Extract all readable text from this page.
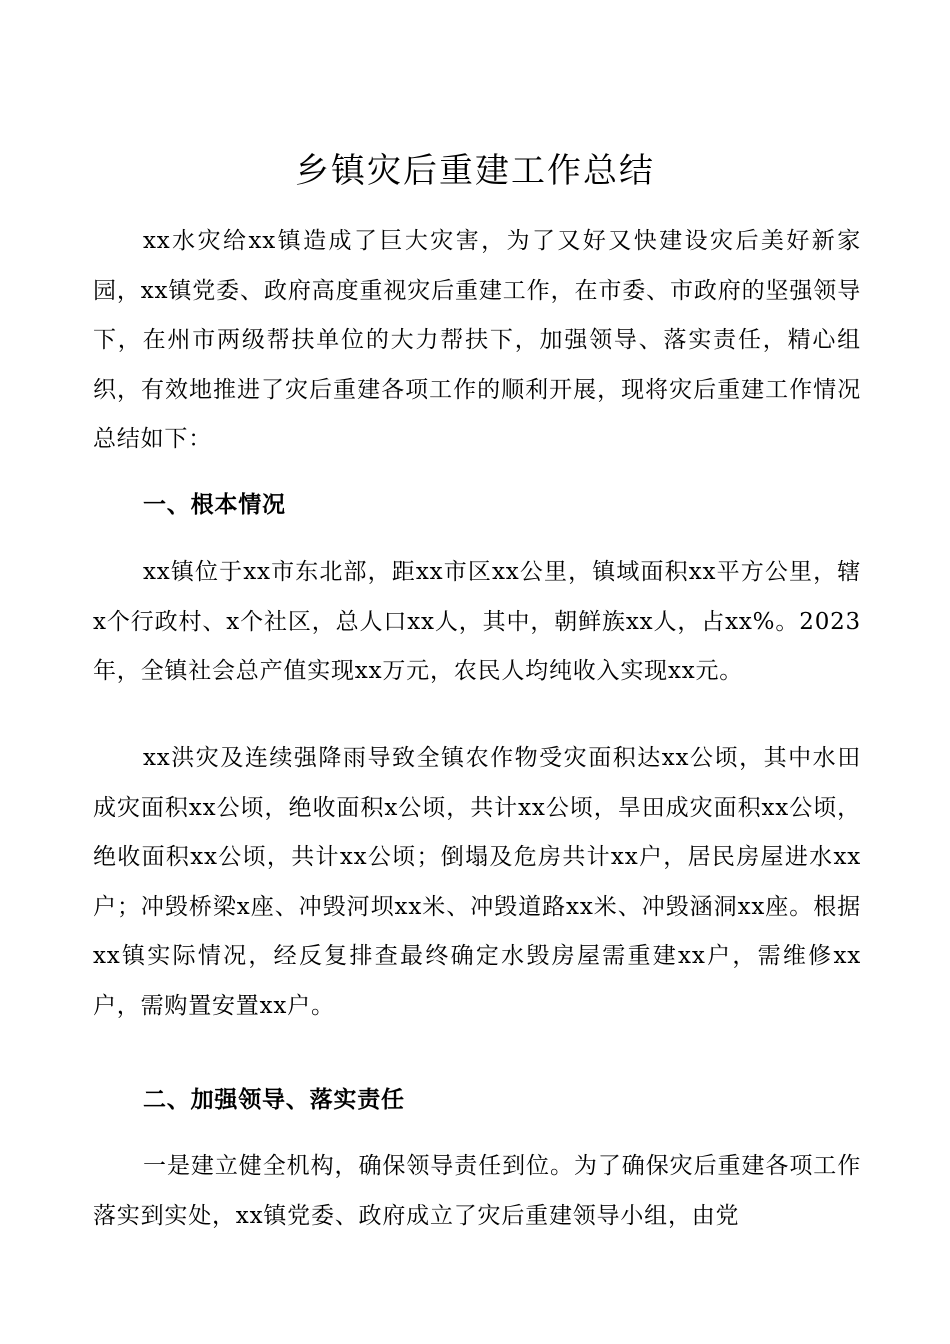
乡镇灾后重建工作总结

xx水灾给xx镇造成了巨大灾害，为了又好又快建设灾后美好新家园，xx镇党委、政府高度重视灾后重建工作，在市委、市政府的坚强领导下，在州市两级帮扶单位的大力帮扶下，加强领导、落实责任，精心组织，有效地推进了灾后重建各项工作的顺利开展，现将灾后重建工作情况总结如下：

一、根本情况

xx镇位于xx市东北部，距xx市区xx公里，镇域面积xx平方公里，辖x个行政村、x个社区，总人口xx人，其中，朝鲜族xx人，占xx%。2023年，全镇社会总产值实现xx万元，农民人均纯收入实现xx元。

xx洪灾及连续强降雨导致全镇农作物受灾面积达xx公顷，其中水田成灾面积xx公顷，绝收面积x公顷，共计xx公顷，旱田成灾面积xx公顷，绝收面积xx公顷，共计xx公顷；倒塌及危房共计xx户，居民房屋进水xx户；冲毁桥梁x座、冲毁河坝xx米、冲毁道路xx米、冲毁涵洞xx座。根据xx镇实际情况，经反复排查最终确定水毁房屋需重建xx户，需维修xx户，需购置安置xx户。

二、加强领导、落实责任

一是建立健全机构，确保领导责任到位。为了确保灾后重建各项工作落实到实处，xx镇党委、政府成立了灾后重建领导小组，由党
